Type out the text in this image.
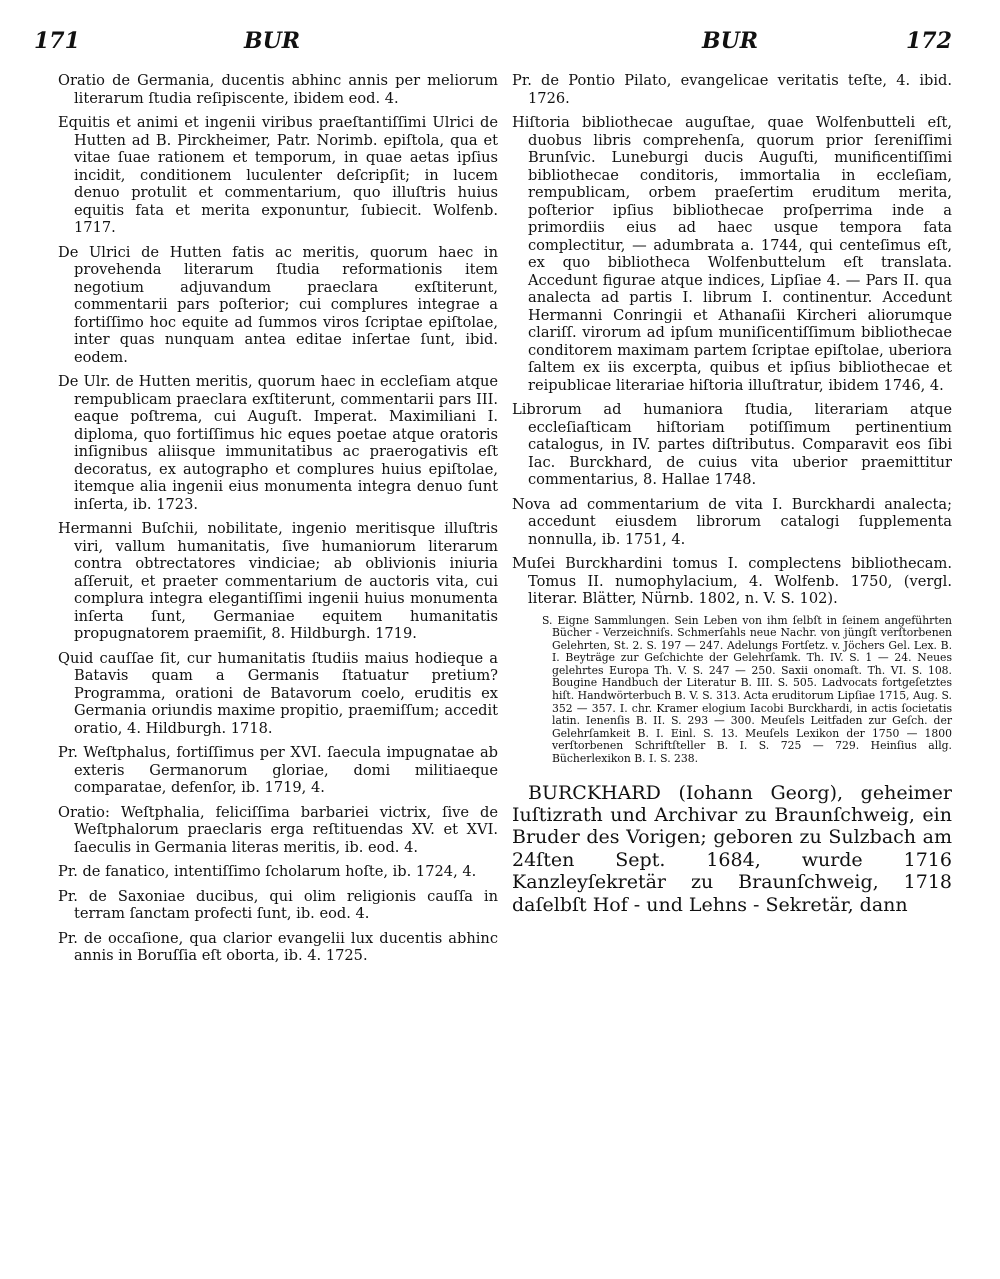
171	BUR	BUR	172

Oratio de Germania, ducentis abhinc annis per meliorum literarum ſtudia reſipiscente, ibidem eod. 4.

Equitis et animi et ingenii viribus praeſtantiſſimi Ulrici de Hutten ad B. Pirckheimer, Patr. Norimb. epiſtola, qua et vitae ſuae rationem et temporum, in quae aetas ipſius incidit, conditionem luculenter deſcripſit; in lucem denuo protulit et commentarium, quo illuſtris huius equitis fata et merita exponuntur, ſubiecit. Wolfenb. 1717.

De Ulrici de Hutten fatis ac meritis, quorum haec in provehenda literarum ſtudia reformationis item negotium adjuvandum praeclara exſtiterunt, commentarii pars poſterior; cui complures integrae a fortiſſimo hoc equite ad ſummos viros ſcriptae epiſtolae, inter quas nunquam antea editae inſertae ſunt, ibid. eodem.

De Ulr. de Hutten meritis, quorum haec in eccleſiam atque rempublicam praeclara exſtiterunt, commentarii pars III. eaque poſtrema, cui Auguſt. Imperat. Maximiliani I. diploma, quo fortiſſimus hic eques poetae atque oratoris inſignibus aliisque immunitatibus ac praerogativis eſt decoratus, ex autographo et complures huius epiſtolae, itemque alia ingenii eius monumenta integra denuo ſunt inſerta, ib. 1723.

Hermanni Buſchii, nobilitate, ingenio meritisque illuſtris viri, vallum humanitatis, ſive humaniorum literarum contra obtrectatores vindiciae; ab oblivionis iniuria aſſeruit, et praeter commentarium de auctoris vita, cui complura integra elegantiſſimi ingenii huius monumenta inſerta ſunt, Germaniae equitem humanitatis propugnatorem praemiſit, 8. Hildburgh. 1719.

Quid cauſſae ſit, cur humanitatis ſtudiis maius hodieque a Batavis quam a Germanis ſtatuatur pretium? Programma, orationi de Batavorum coelo, eruditis ex Germania oriundis maxime propitio, praemiſſum; accedit oratio, 4. Hildburgh. 1718.

Pr. Weſtphalus, fortiſſimus per XVI. ſaecula impugnatae ab exteris Germanorum gloriae, domi militiaeque comparatae, defenſor, ib. 1719, 4.

Oratio: Weſtphalia, feliciſſima barbariei victrix, ſive de Weſtphalorum praeclaris erga reſtituendas XV. et XVI. ſaeculis in Germania literas meritis, ib. eod. 4.

Pr. de fanatico, intentiſſimo ſcholarum hoſte, ib. 1724, 4.

Pr. de Saxoniae ducibus, qui olim religionis cauſſa in terram ſanctam profecti ſunt, ib. eod. 4.

Pr. de occaſione, qua clarior evangelii lux ducentis abhinc annis in Boruſſia eſt oborta, ib. 4. 1725.

Pr. de Pontio Pilato, evangelicae veritatis teſte, 4. ibid. 1726.

Hiſtoria bibliothecae auguſtae, quae Wolfenbutteli eſt, duobus libris comprehenſa, quorum prior ſereniſſimi Brunſvic. Luneburgi ducis Auguſti, munificentiſſimi bibliothecae conditoris, immortalia in eccleſiam, rempublicam, orbem praeſertim eruditum merita, poſterior ipſius bibliothecae proſperrima inde a primordiis eius ad haec usque tempora fata complectitur, — adumbrata a. 1744, qui centeſimus eſt, ex quo bibliotheca Wolfenbuttelum eſt translata. Accedunt figurae atque indices, Lipſiae 4. — Pars II. qua analecta ad partis I. librum I. continentur. Accedunt Hermanni Conringii et Athanaſii Kircheri aliorumque clariſſ. virorum ad ipſum muniſicentiſſimum bibliothecae conditorem maximam partem ſcriptae epiſtolae, uberiora ſaltem ex iis excerpta, quibus et ipſius bibliothecae et reipublicae literariae hiſtoria illuſtratur, ibidem 1746, 4.

Librorum ad humaniora ſtudia, literariam atque eccleſiaſticam hiſtoriam potiſſimum pertinentium catalogus, in IV. partes diſtributus. Comparavit eos ſibi Iac. Burckhard, de cuius vita uberior praemittitur commentarius, 8. Hallae 1748.

Nova ad commentarium de vita I. Burckhardi analecta; accedunt eiusdem librorum catalogi ſupplementa nonnulla, ib. 1751, 4.

Muſei Burckhardini tomus I. complectens bibliothecam. Tomus II. numophylacium, 4. Wolfenb. 1750, (vergl. literar. Blätter, Nürnb. 1802, n. V. S. 102).

S. Eigne Sammlungen. Sein Leben von ihm ſelbſt in ſeinem angeführten Bücher - Verzeichniſs. Schmerſahls neue Nachr. von jüngſt verſtorbenen Gelehrten, St. 2. S. 197 — 247. Adelungs Fortſetz. v. Jöchers Gel. Lex. B. I. Beyträge zur Geſchichte der Gelehrſamk. Th. IV. S. 1 — 24. Neues gelehrtes Europa Th. V. S. 247 — 250. Saxii onomaſt. Th. VI. S. 108. Bougine Handbuch der Literatur B. III. S. 505. Ladvocats fortgeſetztes hiſt. Handwörterbuch B. V. S. 313. Acta eruditorum Lipſiae 1715, Aug. S. 352 — 357. I. chr. Kramer elogium Iacobi Burckhardi, in actis ſocietatis latin. Ienenſis B. II. S. 293 — 300. Meuſels Leitfaden zur Geſch. der Gelehrſamkeit B. I. Einl. S. 13. Meuſels Lexikon der 1750 — 1800 verſtorbenen Schriftſteller B. I. S. 725 — 729. Heinſius allg. Bücherlexikon B. I. S. 238.

BURCKHARD (Iohann Georg), geheimer Iuſtizrath und Archivar zu Braunſchweig, ein Bruder des Vorigen; geboren zu Sulzbach am 24ſten Sept. 1684, wurde 1716 Kanzleyſekretär zu Braunſchweig, 1718 daſelbſt Hof - und Lehns - Sekretär, dann
